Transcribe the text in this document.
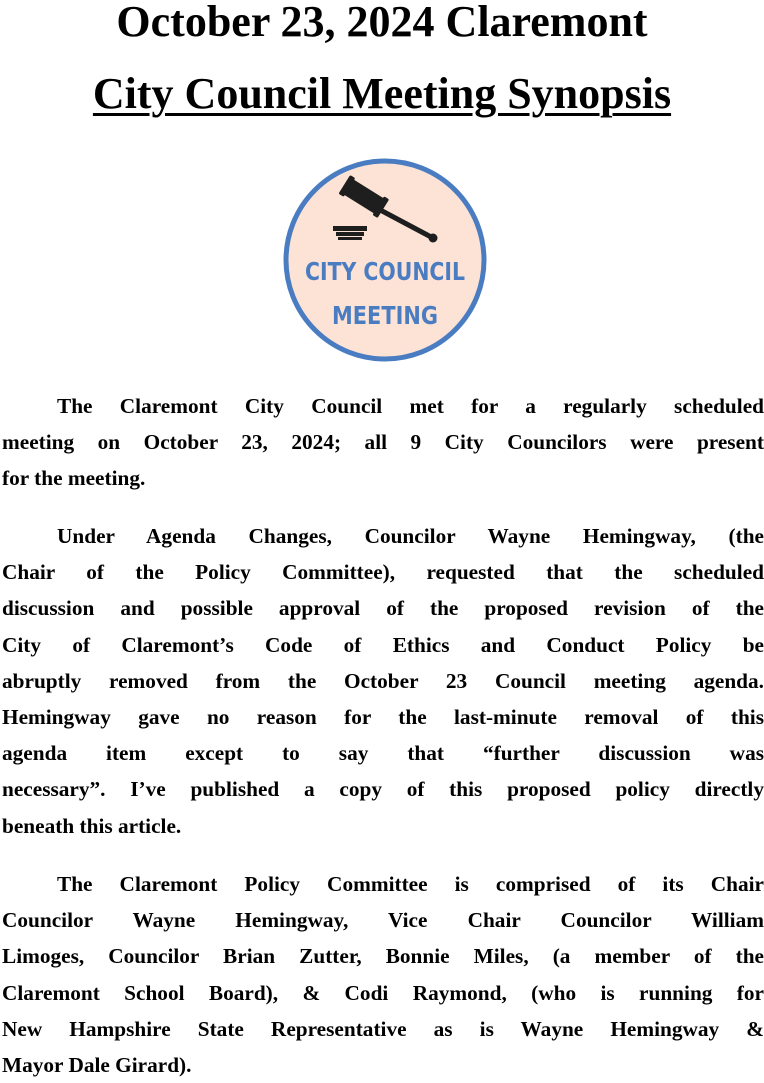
October 23, 2024 Claremont
City Council Meeting Synopsis
CITY COUNCIL
MEETING

The Claremont City Council met for a regularly scheduled
meeting on October 23, 2024; all 9 City Councilors were present
for the meeting.

Under Agenda Changes, Councilor Wayne Hemingway, (the
Chair of the Policy Committee), requested that the scheduled
discussion and possible approval of the proposed revision of the
City of Claremont’s Code of Ethics and Conduct Policy be
abruptly removed from the October 23 Council meeting agenda.
Hemingway gave no reason for the last-minute removal of this
agenda item except to say that “further discussion was
necessary”. I’ve published a copy of this proposed policy directly
beneath this article.

The Claremont Policy Committee is comprised of its Chair
Councilor Wayne Hemingway, Vice Chair Councilor William
Limoges, Councilor Brian Zutter, Bonnie Miles, (a member of the
Claremont School Board), & Codi Raymond, (who is running for
New Hampshire State Representative as is Wayne Hemingway &
Mayor Dale Girard).
